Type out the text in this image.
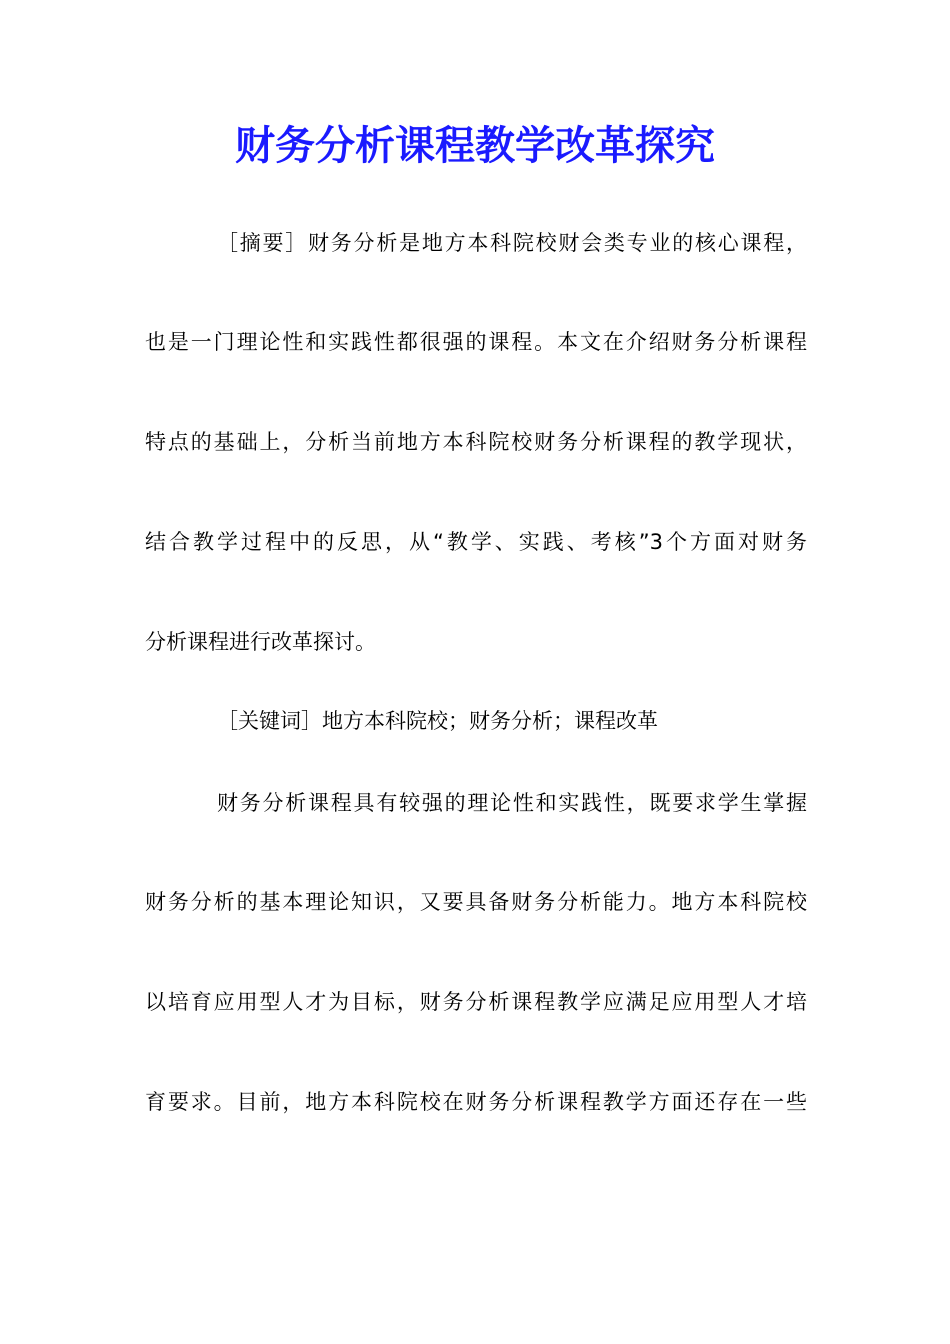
财务分析课程教学改革探究

［摘要］财务分析是地方本科院校财会类专业的核心课程，

也是一门理论性和实践性都很强的课程。本文在介绍财务分析课程

特点的基础上，分析当前地方本科院校财务分析课程的教学现状，

结合教学过程中的反思，从“教学、实践、考核”3个方面对财务

分析课程进行改革探讨。

［关键词］地方本科院校；财务分析；课程改革

财务分析课程具有较强的理论性和实践性，既要求学生掌握

财务分析的基本理论知识，又要具备财务分析能力。地方本科院校

以培育应用型人才为目标，财务分析课程教学应满足应用型人才培

育要求。目前，地方本科院校在财务分析课程教学方面还存在一些
